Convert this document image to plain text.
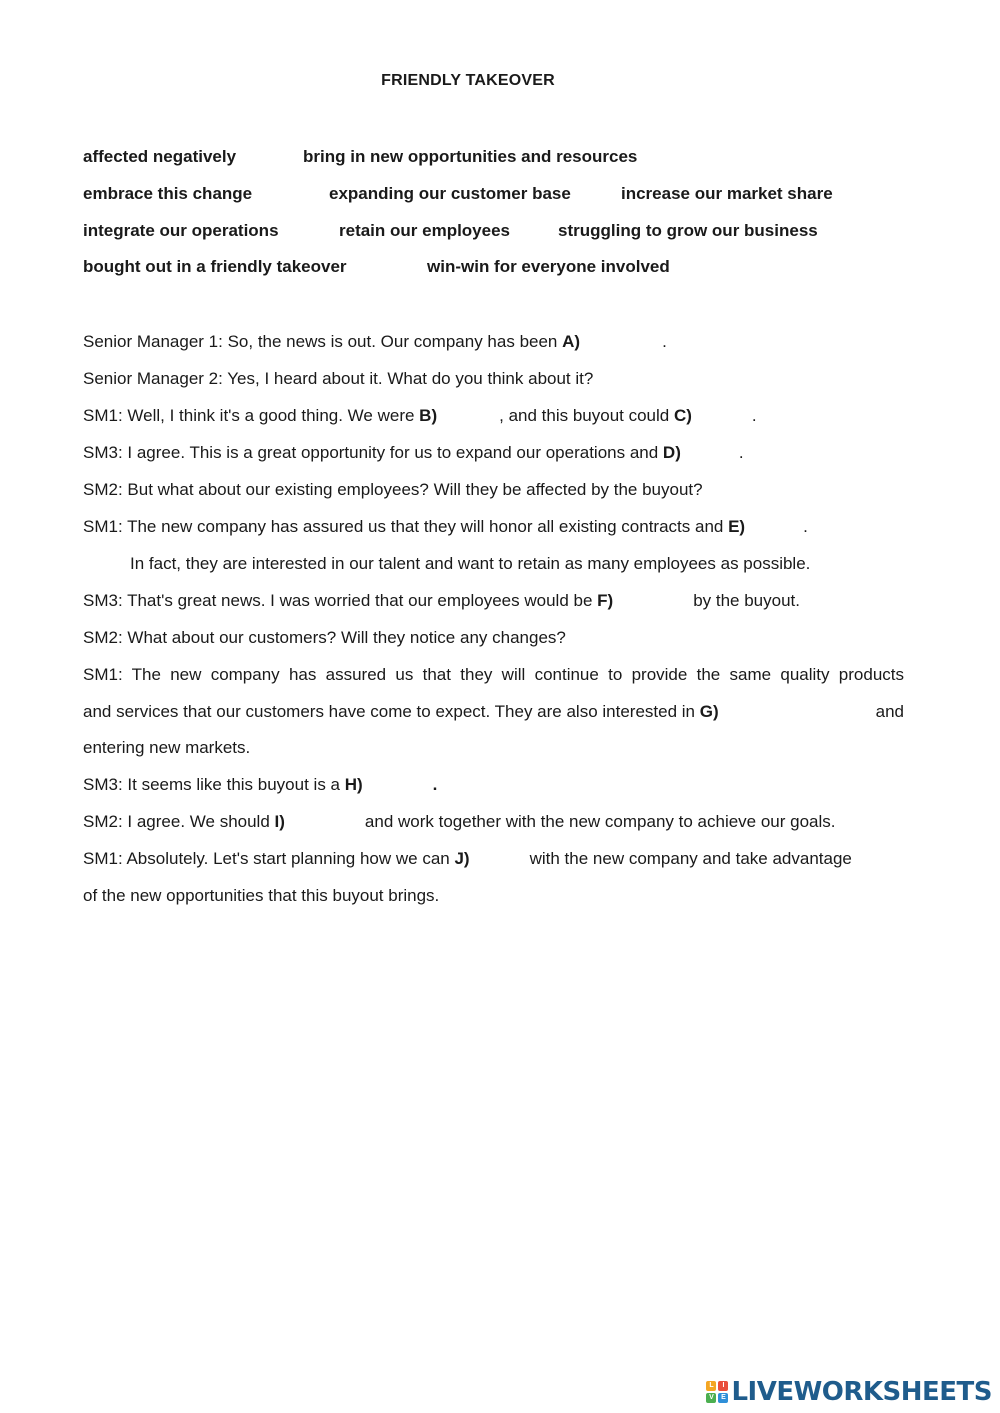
FRIENDLY TAKEOVER
affected negatively	bring in new opportunities and resources
embrace this change	expanding our customer base	increase our market share
integrate our operations	retain our employees	struggling to grow our business
bought out in a friendly takeover	win-win for everyone involved
Senior Manager 1: So, the news is out. Our company has been A)	.
Senior Manager 2: Yes, I heard about it. What do you think about it?
SM1: Well, I think it's a good thing. We were B)	, and this buyout could C)	.
SM3: I agree. This is a great opportunity for us to expand our operations and D)	.
SM2: But what about our existing employees? Will they be affected by the buyout?
SM1: The new company has assured us that they will honor all existing contracts and E)	.
In fact, they are interested in our talent and want to retain as many employees as possible.
SM3: That's great news. I was worried that our employees would be F)	by the buyout.
SM2: What about our customers? Will they notice any changes?
SM1: The new company has assured us that they will continue to provide the same quality products
and services that our customers have come to expect. They are also interested in G)	and
entering new markets.
SM3: It seems like this buyout is a H)	.
SM2: I agree. We should I)	and work together with the new company to achieve our goals.
SM1: Absolutely. Let's start planning how we can J)	with the new company and take advantage
of the new opportunities that this buyout brings.
L	I
V	E LIVEWORKSHEETS
